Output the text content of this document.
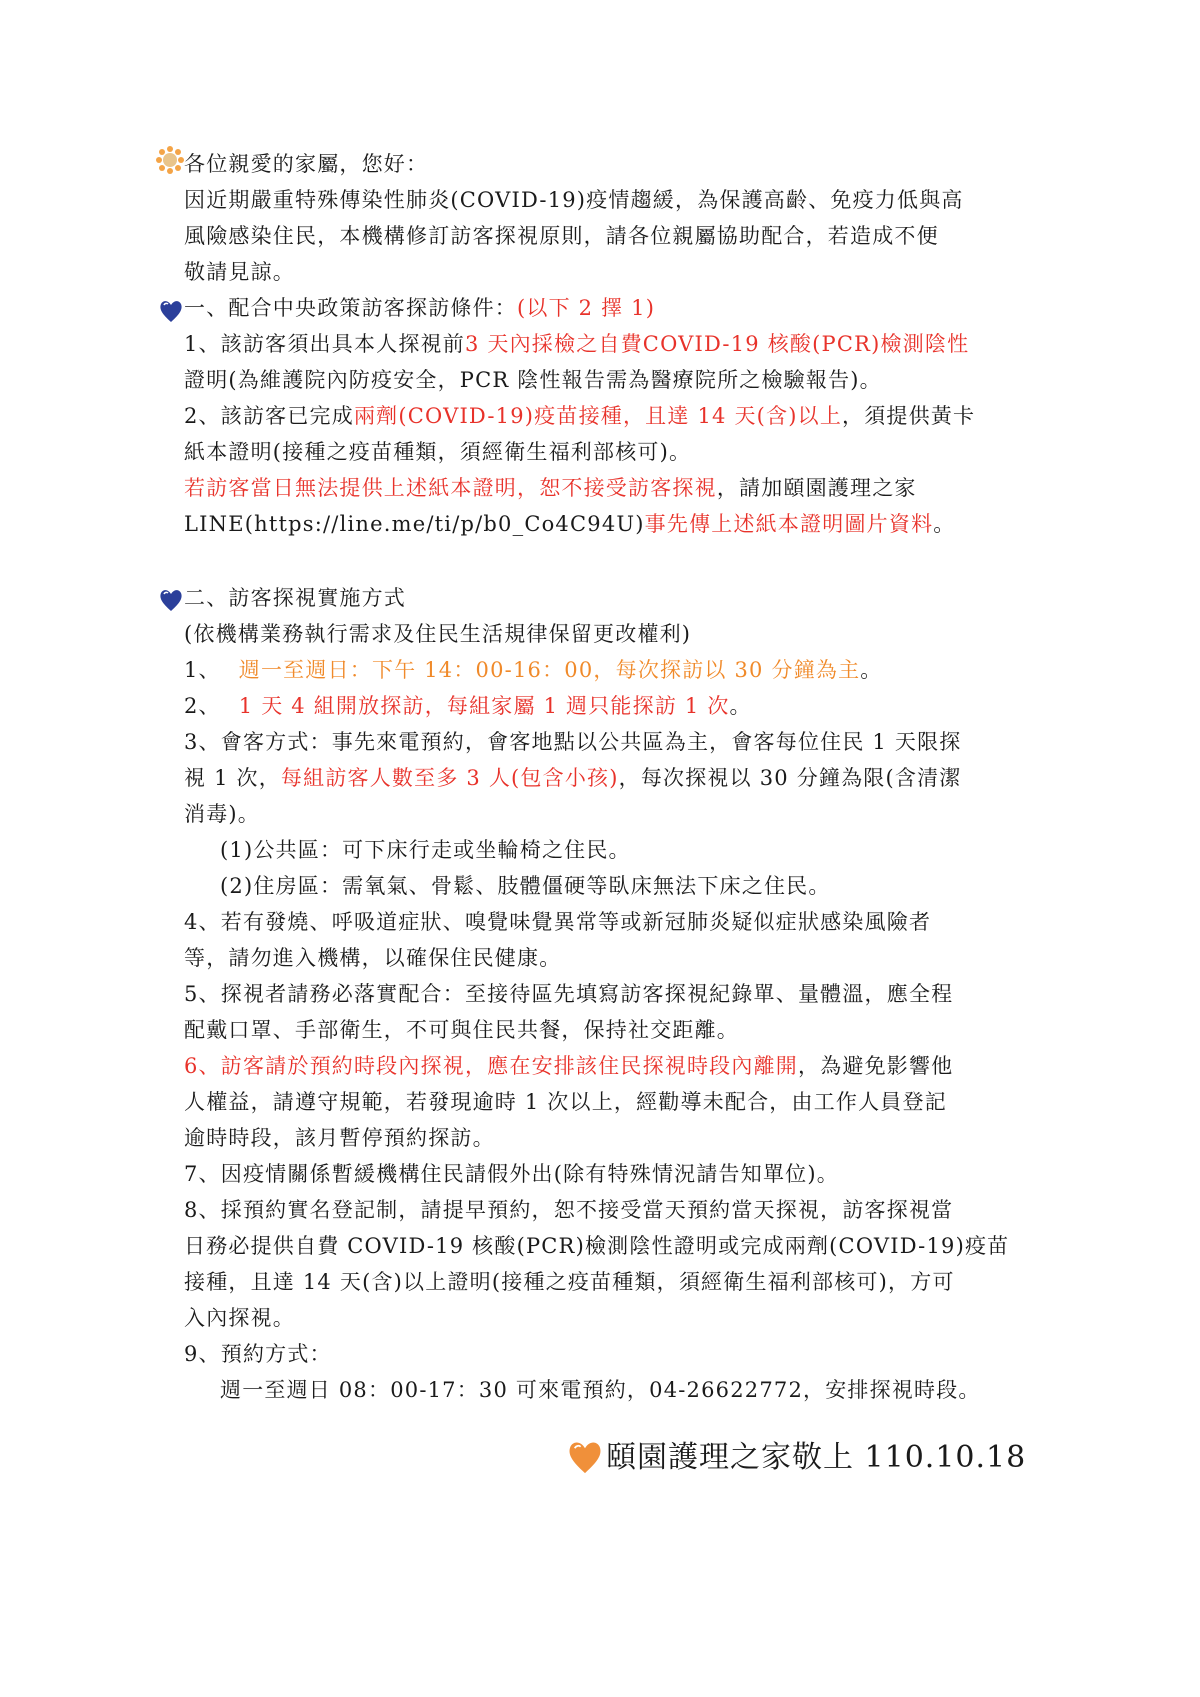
各位親愛的家屬，您好：
因近期嚴重特殊傳染性肺炎(COVID-19)疫情趨緩，為保護高齡、免疫力低與高
風險感染住民，本機構修訂訪客探視原則，請各位親屬協助配合，若造成不便
敬請見諒。
一、配合中央政策訪客探訪條件：(以下 2 擇 1)
1、該訪客須出具本人探視前3 天內採檢之自費COVID-19 核酸(PCR)檢測陰性
證明(為維護院內防疫安全，PCR 陰性報告需為醫療院所之檢驗報告)。
2、該訪客已完成兩劑(COVID-19)疫苗接種，且達 14 天(含)以上，須提供黃卡
紙本證明(接種之疫苗種類，須經衛生福利部核可)。
若訪客當日無法提供上述紙本證明，恕不接受訪客探視，請加頤園護理之家
LINE(https://line.me/ti/p/b0_Co4C94U)事先傳上述紙本證明圖片資料。
二、訪客探視實施方式
(依機構業務執行需求及住民生活規律保留更改權利)
1、 週一至週日：下午 14：00-16：00，每次探訪以 30 分鐘為主。
2、 1 天 4 組開放探訪，每組家屬 1 週只能探訪 1 次。
3、會客方式：事先來電預約，會客地點以公共區為主，會客每位住民 1 天限探
視 1 次，每組訪客人數至多 3 人(包含小孩)，每次探視以 30 分鐘為限(含清潔
消毒)。
(1)公共區：可下床行走或坐輪椅之住民。
(2)住房區：需氧氣、骨鬆、肢體僵硬等臥床無法下床之住民。
4、若有發燒、呼吸道症狀、嗅覺味覺異常等或新冠肺炎疑似症狀感染風險者
等，請勿進入機構，以確保住民健康。
5、探視者請務必落實配合：至接待區先填寫訪客探視紀錄單、量體溫，應全程
配戴口罩、手部衛生，不可與住民共餐，保持社交距離。
6、訪客請於預約時段內探視，應在安排該住民探視時段內離開，為避免影響他
人權益，請遵守規範，若發現逾時 1 次以上，經勸導未配合，由工作人員登記
逾時時段，該月暫停預約探訪。
7、因疫情關係暫緩機構住民請假外出(除有特殊情況請告知單位)。
8、採預約實名登記制，請提早預約，恕不接受當天預約當天探視，訪客探視當
日務必提供自費 COVID-19 核酸(PCR)檢測陰性證明或完成兩劑(COVID-19)疫苗
接種，且達 14 天(含)以上證明(接種之疫苗種類，須經衛生福利部核可)，方可
入內探視。
9、預約方式：
週一至週日 08：00-17：30 可來電預約，04-26622772，安排探視時段。
頤園護理之家敬上 110.10.18
